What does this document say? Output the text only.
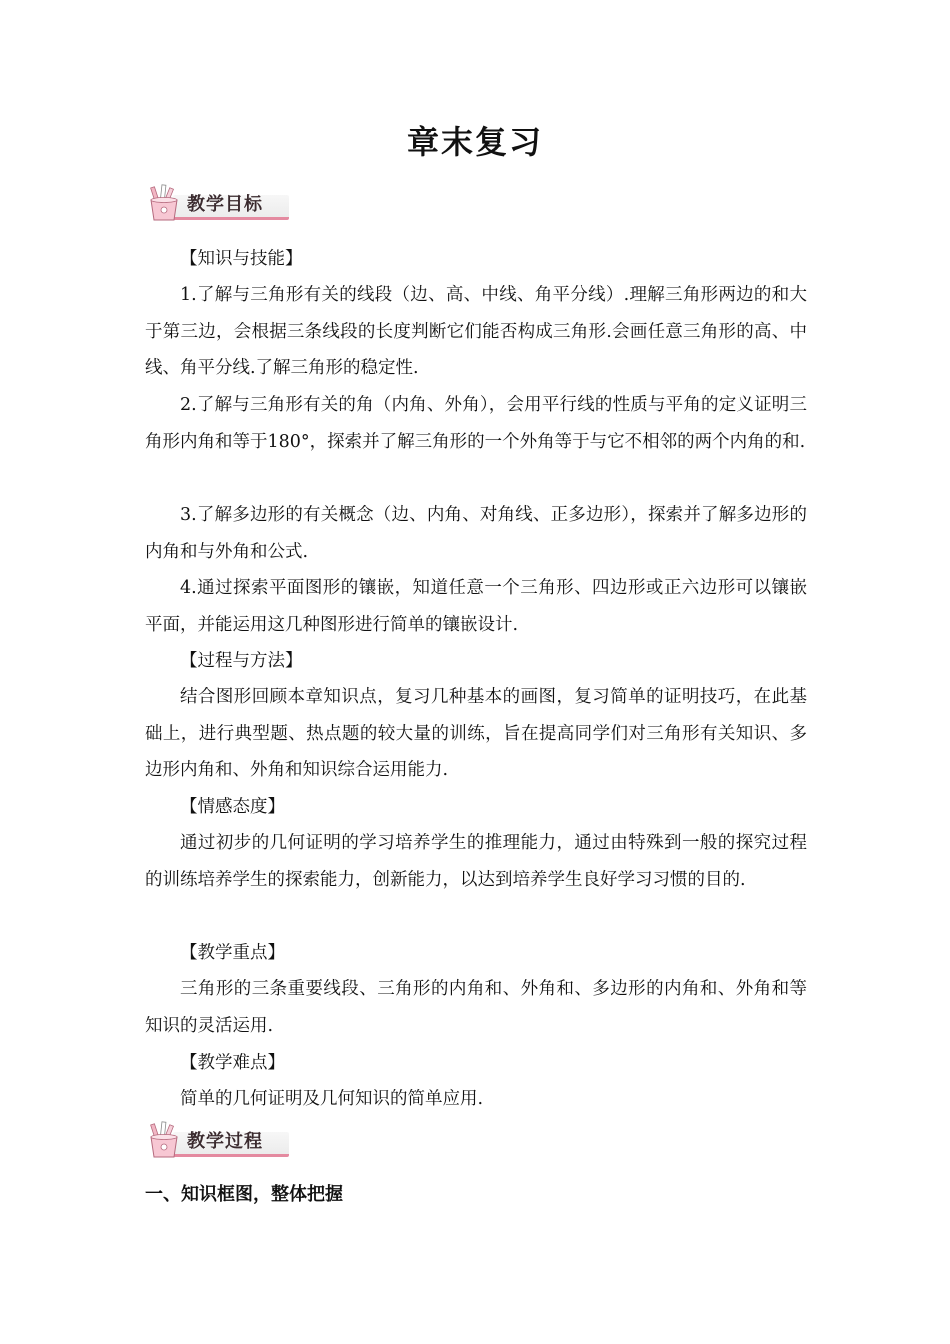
章末复习
教学目标
【知识与技能】
1.了解与三角形有关的线段（边、高、中线、角平分线）.理解三角形两边的和大于第三边，会根据三条线段的长度判断它们能否构成三角形.会画任意三角形的高、中线、角平分线.了解三角形的稳定性.
2.了解与三角形有关的角（内角、外角），会用平行线的性质与平角的定义证明三角形内角和等于180°，探索并了解三角形的一个外角等于与它不相邻的两个内角的和.
3.了解多边形的有关概念（边、内角、对角线、正多边形），探索并了解多边形的内角和与外角和公式.
4.通过探索平面图形的镶嵌，知道任意一个三角形、四边形或正六边形可以镶嵌平面，并能运用这几种图形进行简单的镶嵌设计.
【过程与方法】
结合图形回顾本章知识点，复习几种基本的画图，复习简单的证明技巧，在此基础上，进行典型题、热点题的较大量的训练，旨在提高同学们对三角形有关知识、多边形内角和、外角和知识综合运用能力.
【情感态度】
通过初步的几何证明的学习培养学生的推理能力，通过由特殊到一般的探究过程的训练培养学生的探索能力，创新能力，以达到培养学生良好学习习惯的目的.
【教学重点】
三角形的三条重要线段、三角形的内角和、外角和、多边形的内角和、外角和等知识的灵活运用.
【教学难点】
简单的几何证明及几何知识的简单应用.
教学过程
一、知识框图，整体把握
